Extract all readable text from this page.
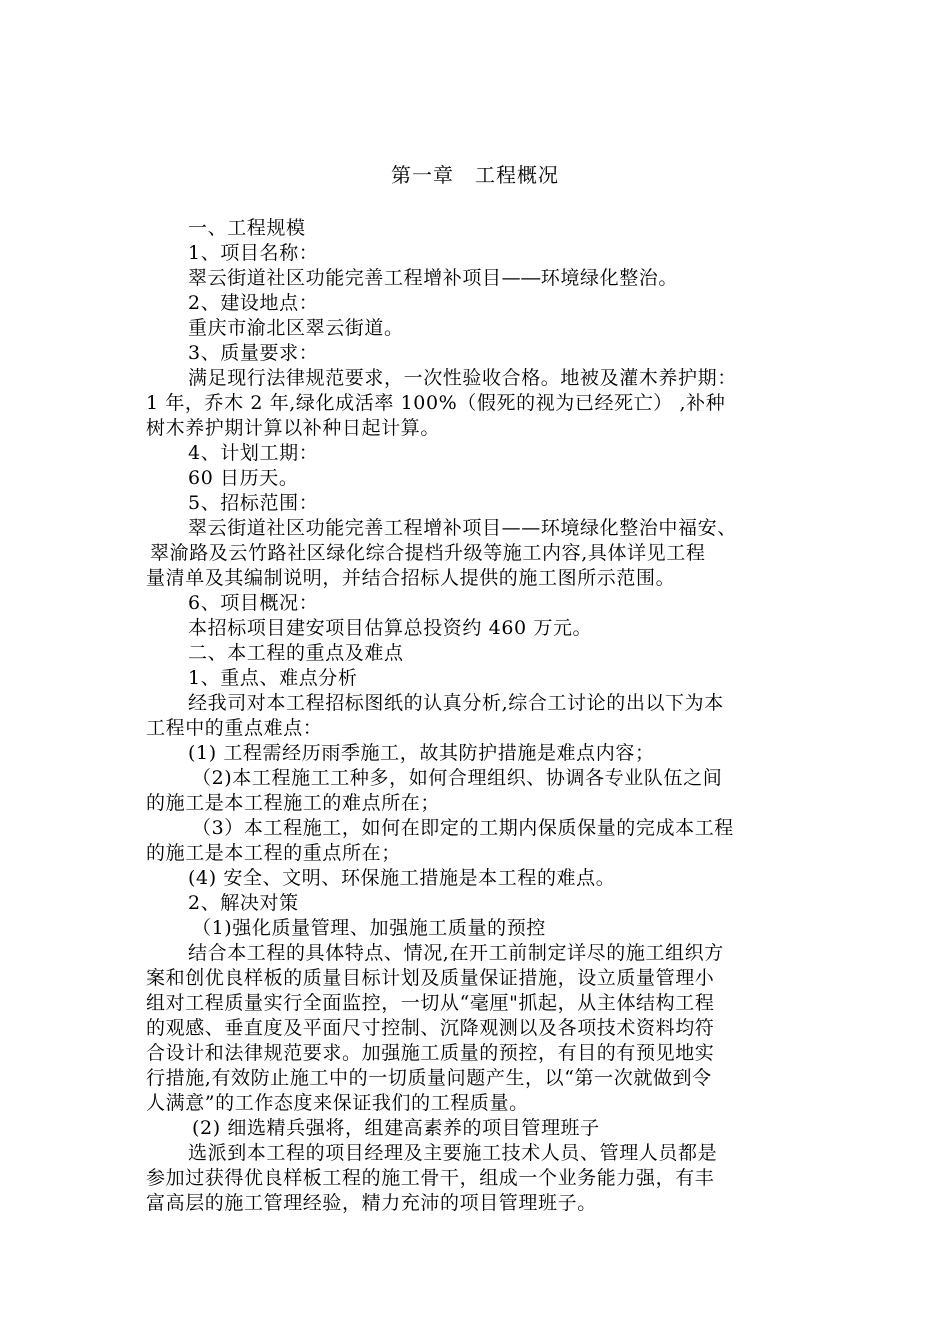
第一章　工程概况
一、工程规模
1、项目名称：
翠云街道社区功能完善工程增补项目—―环境绿化整治。
2、建设地点：
重庆市渝北区翠云街道。
3、质量要求：
满足现行法律规范要求，一次性验收合格。地被及灌木养护期：
1 年，乔木 2 年,绿化成活率 100%（假死的视为已经死亡） ,补种
树木养护期计算以补种日起计算。
4、计划工期：
60 日历天。
5、招标范围：
翠云街道社区功能完善工程增补项目——环境绿化整治中福安、
翠渝路及云竹路社区绿化综合提档升级等施工内容,具体详见工程
量清单及其编制说明，并结合招标人提供的施工图所示范围。
6、项目概况：
本招标项目建安项目估算总投资约 460 万元。
二、本工程的重点及难点
1、重点、难点分析
经我司对本工程招标图纸的认真分析,综合工讨论的出以下为本
工程中的重点难点：
(1) 工程需经历雨季施工，故其防护措施是难点内容；
（2)本工程施工工种多，如何合理组织、协调各专业队伍之间
的施工是本工程施工的难点所在；
（3）本工程施工，如何在即定的工期内保质保量的完成本工程
的施工是本工程的重点所在；
(4) 安全、文明、环保施工措施是本工程的难点。
2、解决对策
（1)强化质量管理、加强施工质量的预控
结合本工程的具体特点、情况,在开工前制定详尽的施工组织方
案和创优良样板的质量目标计划及质量保证措施，设立质量管理小
组对工程质量实行全面监控，一切从“毫厘"抓起，从主体结构工程
的观感、垂直度及平面尺寸控制、沉降观测以及各项技术资料均符
合设计和法律规范要求。加强施工质量的预控，有目的有预见地实
行措施,有效防止施工中的一切质量问题产生，以“第一次就做到令
人满意”的工作态度来保证我们的工程质量。
(2) 细选精兵强将，组建高素养的项目管理班子
选派到本工程的项目经理及主要施工技术人员、管理人员都是
参加过获得优良样板工程的施工骨干，组成一个业务能力强，有丰
富高层的施工管理经验，精力充沛的项目管理班子。
